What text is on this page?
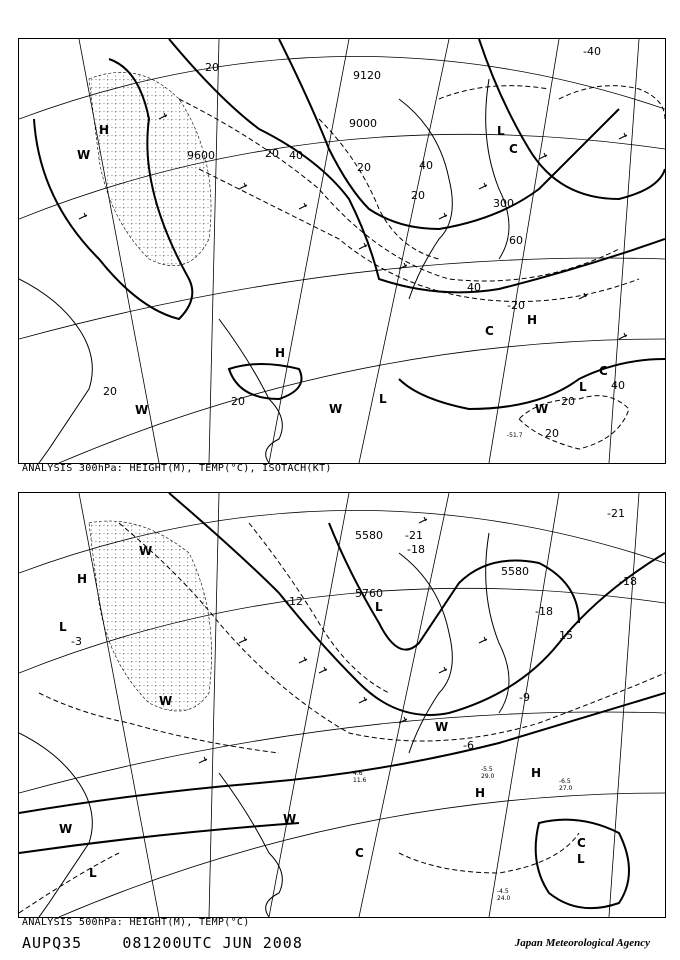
9120
9600
9000
20
20
20
20
20
20	20
20
40
40
40
40
60
-40
-20
300
H
H
H
L
L
L
C
C
C
W
W	W	W
-51.7
ANALYSIS 300hPa: HEIGHT(M), TEMP(°C), ISOTACH(KT)
5580
5580
5760
-21
-18
-18
-12
-9
-6
-3	15
-18
-21
H
H
H
L
L
L
L
C
C
W
W
W
W
W
-4.5
24.0
-6.5
27.0
-5.5
29.0
4.6
11.6
ANALYSIS 500hPa: HEIGHT(M), TEMP(°C)
AUPQ35	081200UTC JUN 2008	Japan Meteorological Agency
